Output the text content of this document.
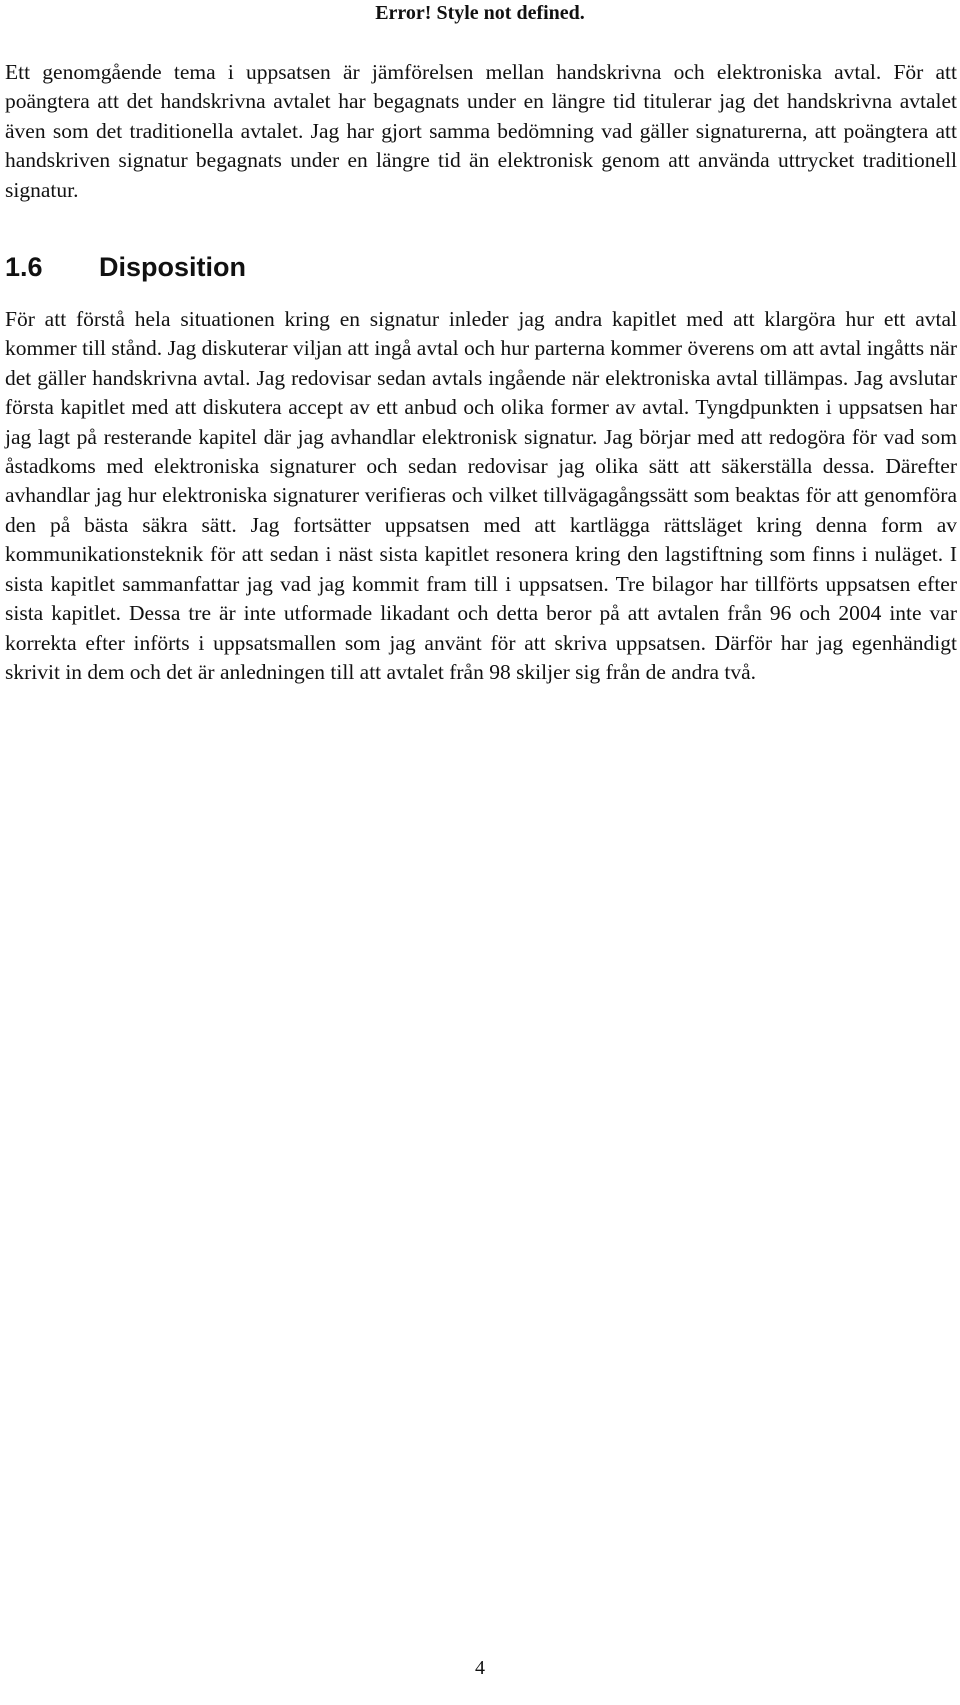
Error! Style not defined.

Ett genomgående tema i uppsatsen är jämförelsen mellan handskrivna och elektroniska avtal. För att poängtera att det handskrivna avtalet har begagnats under en längre tid titulerar jag det handskrivna avtalet även som det traditionella avtalet. Jag har gjort samma bedömning vad gäller signaturerna, att poängtera att handskriven signatur begagnats under en längre tid än elektronisk genom att använda uttrycket traditionell signatur.

1.6 Disposition

För att förstå hela situationen kring en signatur inleder jag andra kapitlet med att klargöra hur ett avtal kommer till stånd. Jag diskuterar viljan att ingå avtal och hur parterna kommer överens om att avtal ingåtts när det gäller handskrivna avtal. Jag redovisar sedan avtals ingående när elektroniska avtal tillämpas. Jag avslutar första kapitlet med att diskutera accept av ett anbud och olika former av avtal. Tyngdpunkten i uppsatsen har jag lagt på resterande kapitel där jag avhandlar elektronisk signatur. Jag börjar med att redogöra för vad som åstadkoms med elektroniska signaturer och sedan redovisar jag olika sätt att säkerställa dessa. Därefter avhandlar jag hur elektroniska signaturer verifieras och vilket tillvägagångssätt som beaktas för att genomföra den på bästa säkra sätt. Jag fortsätter uppsatsen med att kartlägga rättsläget kring denna form av kommunikationsteknik för att sedan i näst sista kapitlet resonera kring den lagstiftning som finns i nuläget. I sista kapitlet sammanfattar jag vad jag kommit fram till i uppsatsen. Tre bilagor har tillförts uppsatsen efter sista kapitlet. Dessa tre är inte utformade likadant och detta beror på att avtalen från 96 och 2004 inte var korrekta efter införts i uppsatsmallen som jag använt för att skriva uppsatsen. Därför har jag egenhändigt skrivit in dem och det är anledningen till att avtalet från 98 skiljer sig från de andra två.

4
